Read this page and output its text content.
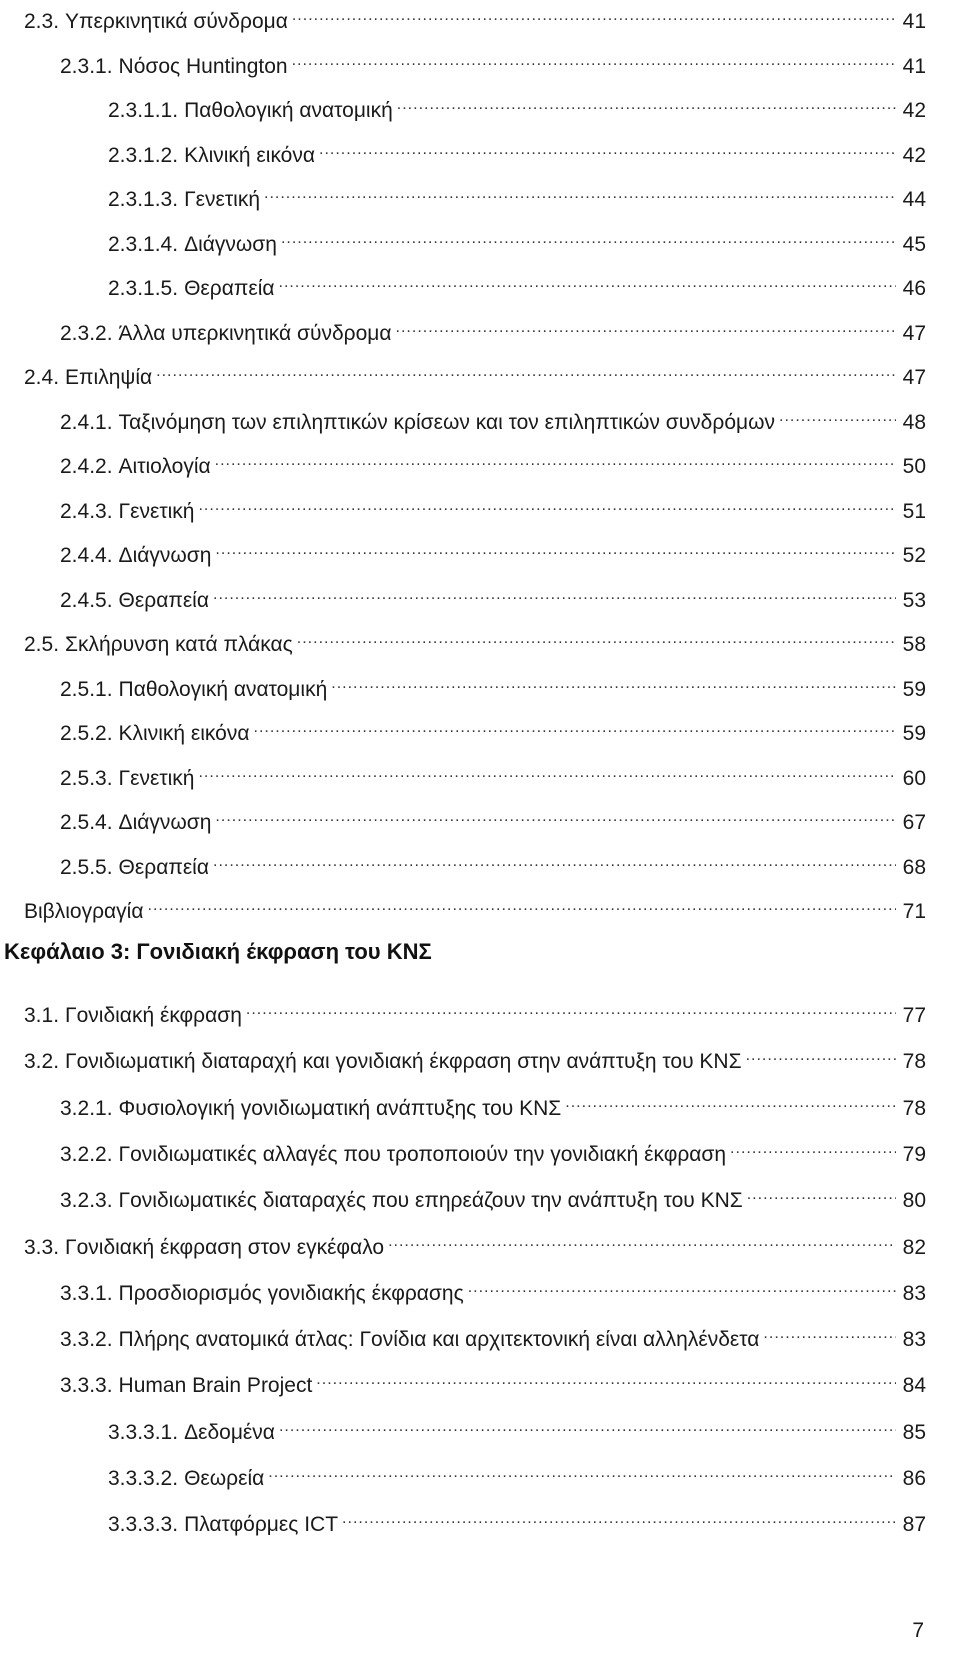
2.3. Υπερκινητικά σύνδρομα .....	41
2.3.1. Νόσος Huntington .....	41
2.3.1.1. Παθολογική ανατομική .....	42
2.3.1.2. Κλινική εικόνα .....	42
2.3.1.3. Γενετική .....	44
2.3.1.4. Διάγνωση .....	45
2.3.1.5. Θεραπεία .....	46
2.3.2. Άλλα υπερκινητικά σύνδρομα .....	47
2.4. Επιληψία .....	47
2.4.1. Ταξινόμηση των επιληπτικών κρίσεων και τον επιληπτικών συνδρόμων .....	48
2.4.2. Αιτιολογία .....	50
2.4.3. Γενετική .....	51
2.4.4. Διάγνωση .....	52
2.4.5. Θεραπεία .....	53
2.5. Σκλήρυνση κατά πλάκας .....	58
2.5.1. Παθολογική ανατομική .....	59
2.5.2. Κλινική εικόνα .....	59
2.5.3. Γενετική .....	60
2.5.4. Διάγνωση .....	67
2.5.5. Θεραπεία .....	68
Βιβλιογραγία .....	71
3.1. Γονιδιακή έκφραση .....	77
3.2. Γονιδιωματική διαταραχή και γονιδιακή έκφραση στην ανάπτυξη του ΚΝΣ .....	78
3.2.1. Φυσιολογική γονιδιωματική ανάπτυξης του ΚΝΣ .....	78
3.2.2. Γονιδιωματικές αλλαγές που τροποποιούν την γονιδιακή έκφραση .....	79
3.2.3. Γονιδιωματικές διαταραχές που επηρεάζουν την ανάπτυξη του ΚΝΣ .....	80
3.3. Γονιδιακή έκφραση στον εγκέφαλο .....	82
3.3.1. Προσδιορισμός γονιδιακής έκφρασης .....	83
3.3.2. Πλήρης ανατομικά άτλας: Γονίδια και αρχιτεκτονική είναι αλληλένδετα .....	83
3.3.3. Human Brain Project .....	84
3.3.3.1. Δεδομένα .....	85
3.3.3.2. Θεωρεία .....	86
3.3.3.3. Πλατφόρμες ICT .....	87
Κεφάλαιο 3: Γονιδιακή έκφραση του ΚΝΣ
7
